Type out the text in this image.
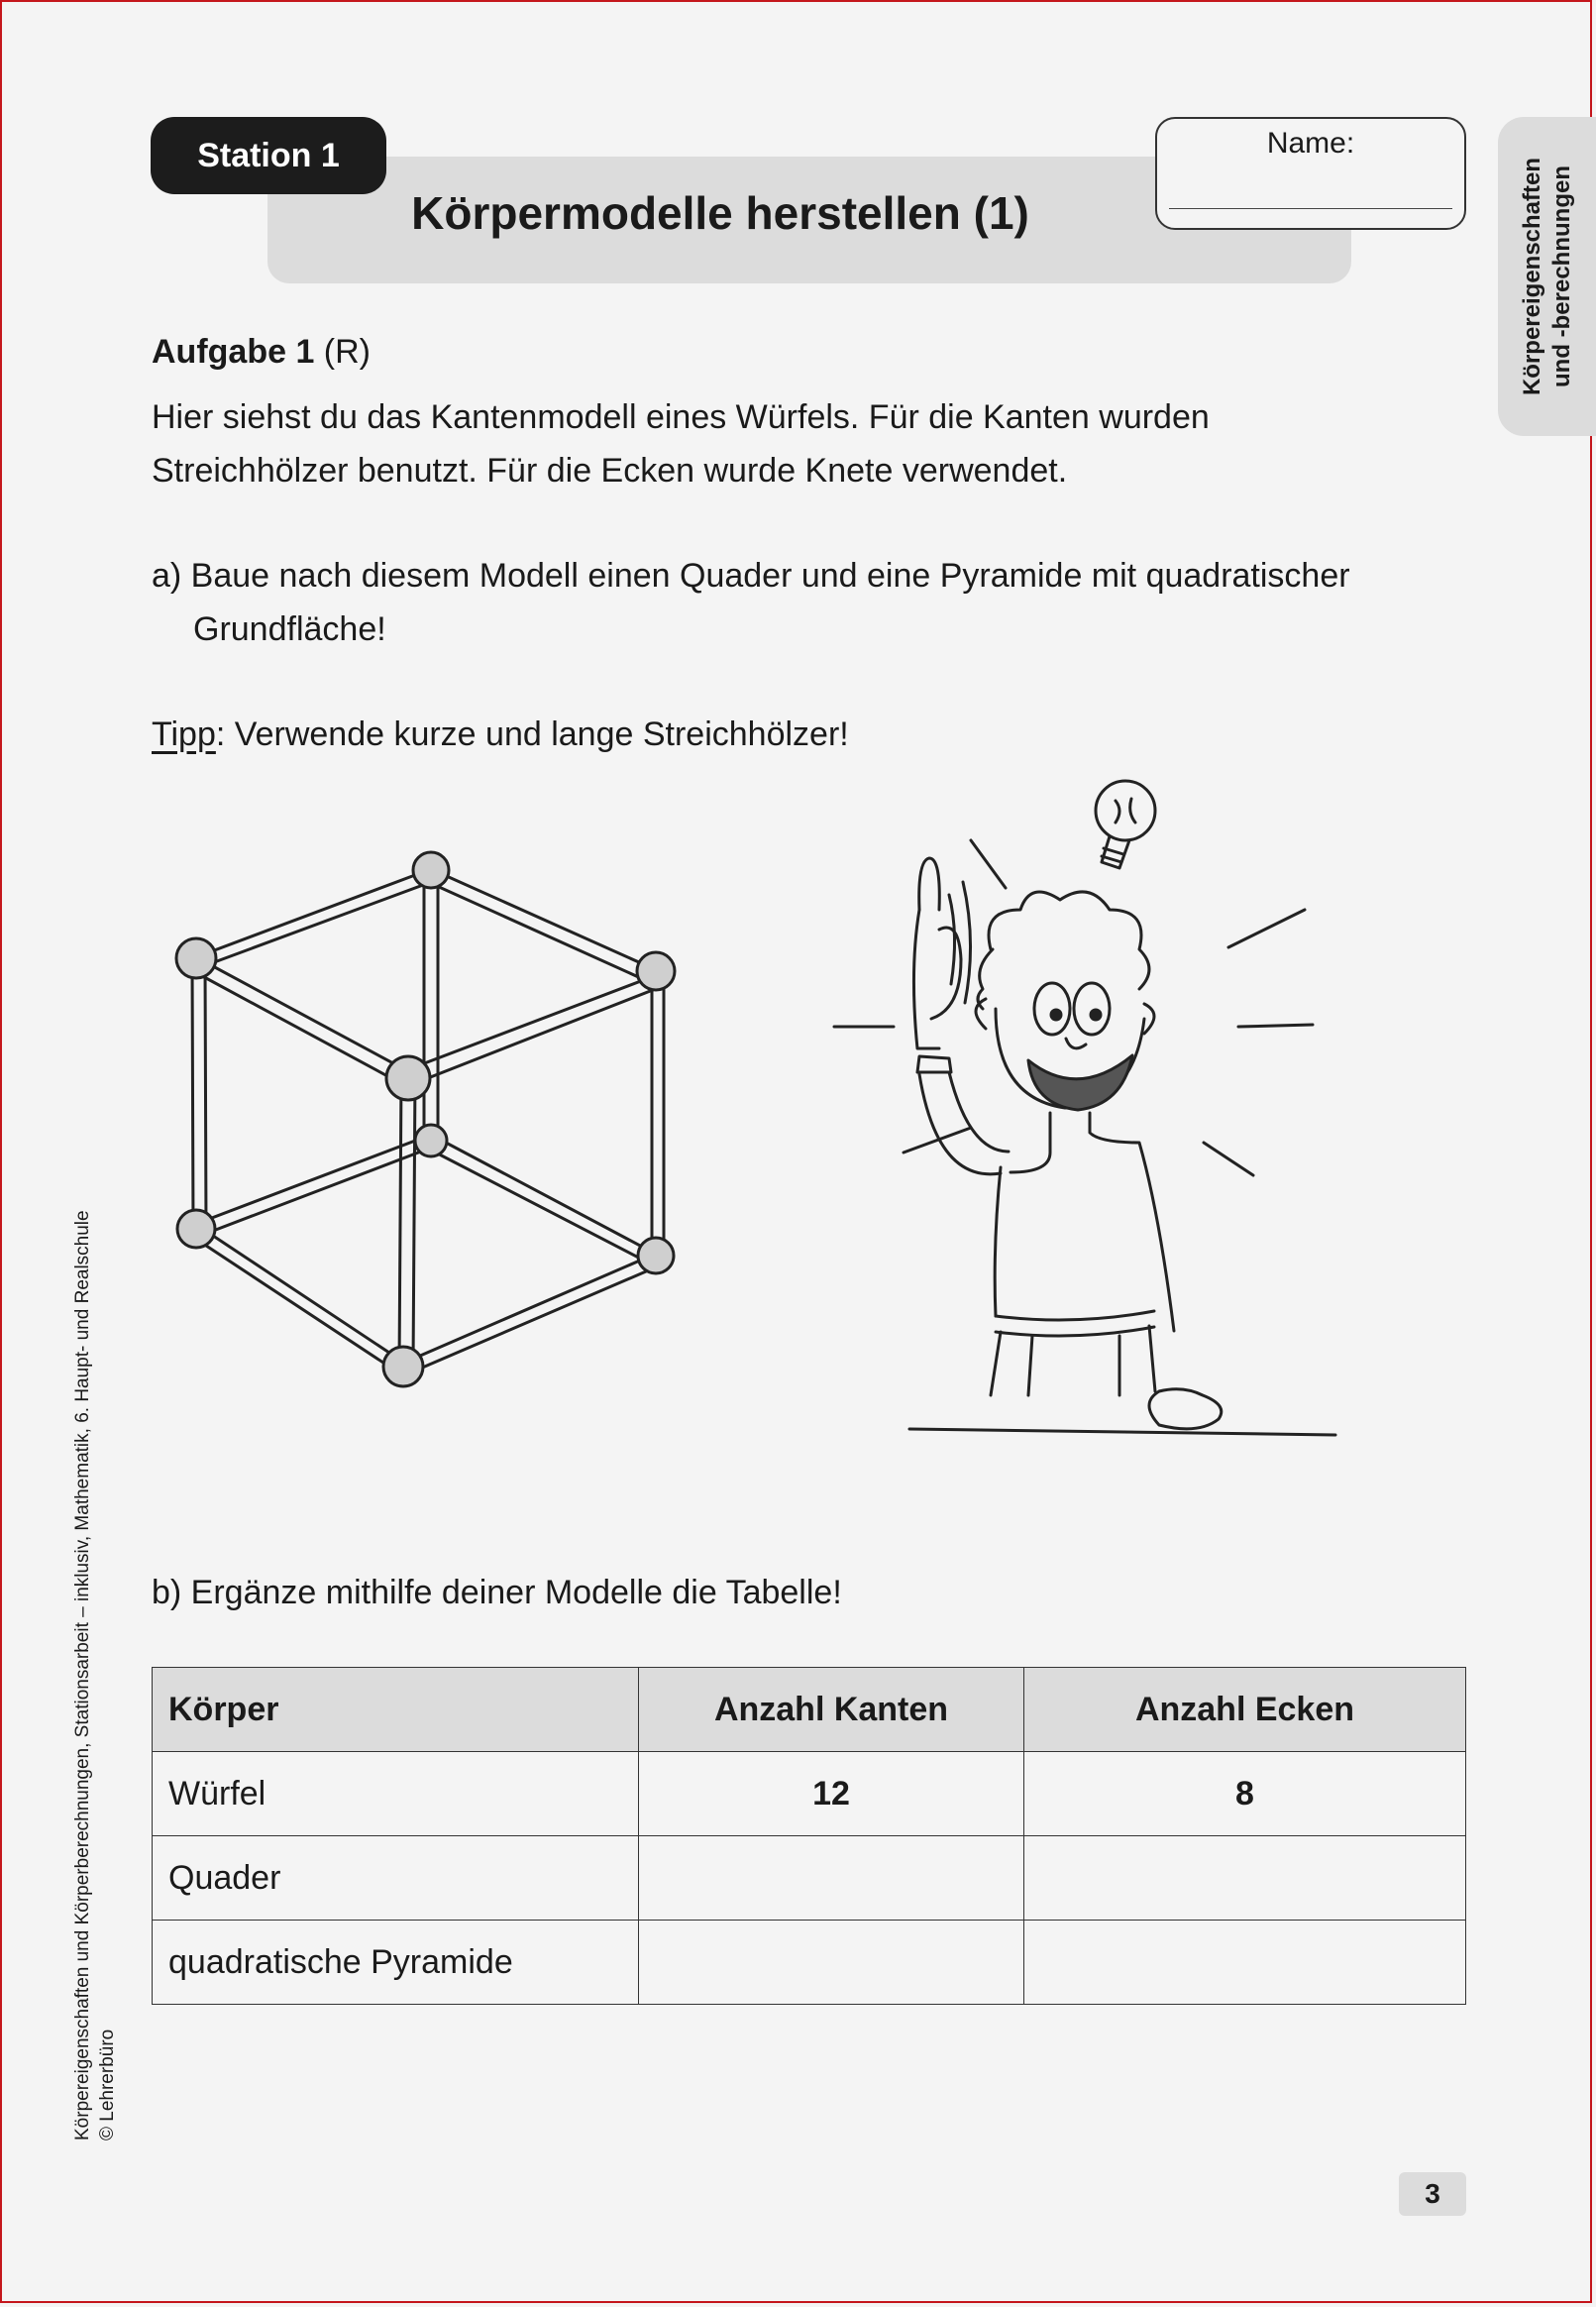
Körpermodelle herstellen (1)
Station 1	Name:
Körpereigenschaften und -berechnungen
Körpereigenschaften und Körperberechnungen, Stationsarbeit – inklusiv, Mathematik, 6. Haupt- und Realschule © Lehrerbüro
Aufgabe 1 (R)
Hier siehst du das Kantenmodell eines Würfels. Für die Kanten wurden
Streichhölzer benutzt. Für die Ecken wurde Knete verwendet.
a) Baue nach diesem Modell einen Quader und eine Pyramide mit quadratischer
Grundfläche!
Tipp: Verwende kurze und lange Streichhölzer!
b) Ergänze mithilfe deiner Modelle die Tabelle!
Körper	Anzahl Kanten	Anzahl Ecken
Würfel	12	8
Quader		
quadratische Pyramide		
3
